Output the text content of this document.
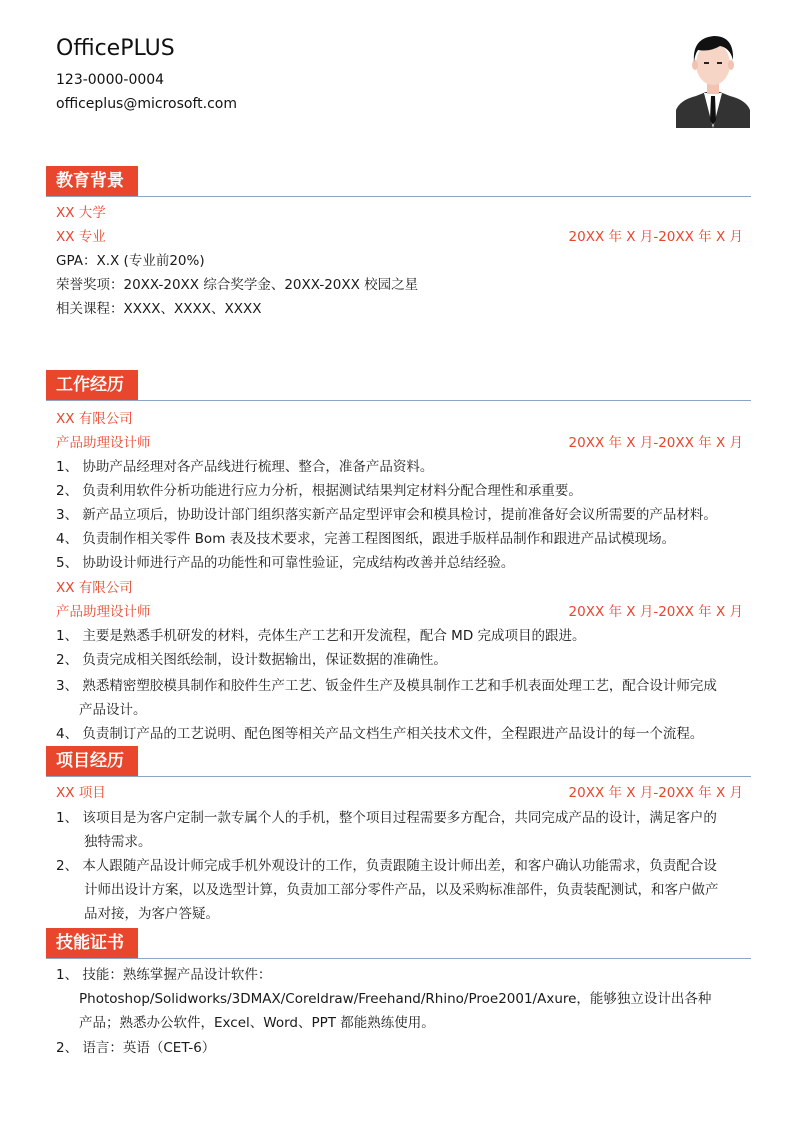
OfficePLUS
123-0000-0004
officeplus@microsoft.com
教育背景
XX 大学
XX 专业	20XX 年 X 月-20XX 年 X 月
GPA：X.X (专业前20%)
荣誉奖项：20XX-20XX 综合奖学金、20XX-20XX 校园之星
相关课程：XXXX、XXXX、XXXX
工作经历
XX 有限公司
产品助理设计师	20XX 年 X 月-20XX 年 X 月
1、 协助产品经理对各产品线进行梳理、整合，准备产品资料。
2、 负责利用软件分析功能进行应力分析，根据测试结果判定材料分配合理性和承重要。
3、 新产品立项后，协助设计部门组织落实新产品定型评审会和模具检讨，提前准备好会议所需要的产品材料。
4、 负责制作相关零件 Bom 表及技术要求，完善工程图图纸，跟进手版样品制作和跟进产品试模现场。
5、 协助设计师进行产品的功能性和可靠性验证，完成结构改善并总结经验。
XX 有限公司
产品助理设计师	20XX 年 X 月-20XX 年 X 月
1、 主要是熟悉手机研发的材料，壳体生产工艺和开发流程，配合 MD 完成项目的跟进。
2、 负责完成相关图纸绘制，设计数据输出，保证数据的准确性。
3、 熟悉精密塑胶模具制作和胶件生产工艺、钣金件生产及模具制作工艺和手机表面处理工艺，配合设计师完成
产品设计。
4、 负责制订产品的工艺说明、配色图等相关产品文档生产相关技术文件，全程跟进产品设计的每一个流程。
项目经历
XX 项目	20XX 年 X 月-20XX 年 X 月
1、 该项目是为客户定制一款专属个人的手机，整个项目过程需要多方配合，共同完成产品的设计，满足客户的
独特需求。
2、 本人跟随产品设计师完成手机外观设计的工作，负责跟随主设计师出差，和客户确认功能需求，负责配合设
计师出设计方案，以及选型计算，负责加工部分零件产品，以及采购标准部件，负责装配测试，和客户做产
品对接，为客户答疑。
技能证书
1、 技能：熟练掌握产品设计软件：
Photoshop/Solidworks/3DMAX/Coreldraw/Freehand/Rhino/Proe2001/Axure，能够独立设计出各种
产品；熟悉办公软件，Excel、Word、PPT 都能熟练使用。
2、 语言：英语（CET-6）
